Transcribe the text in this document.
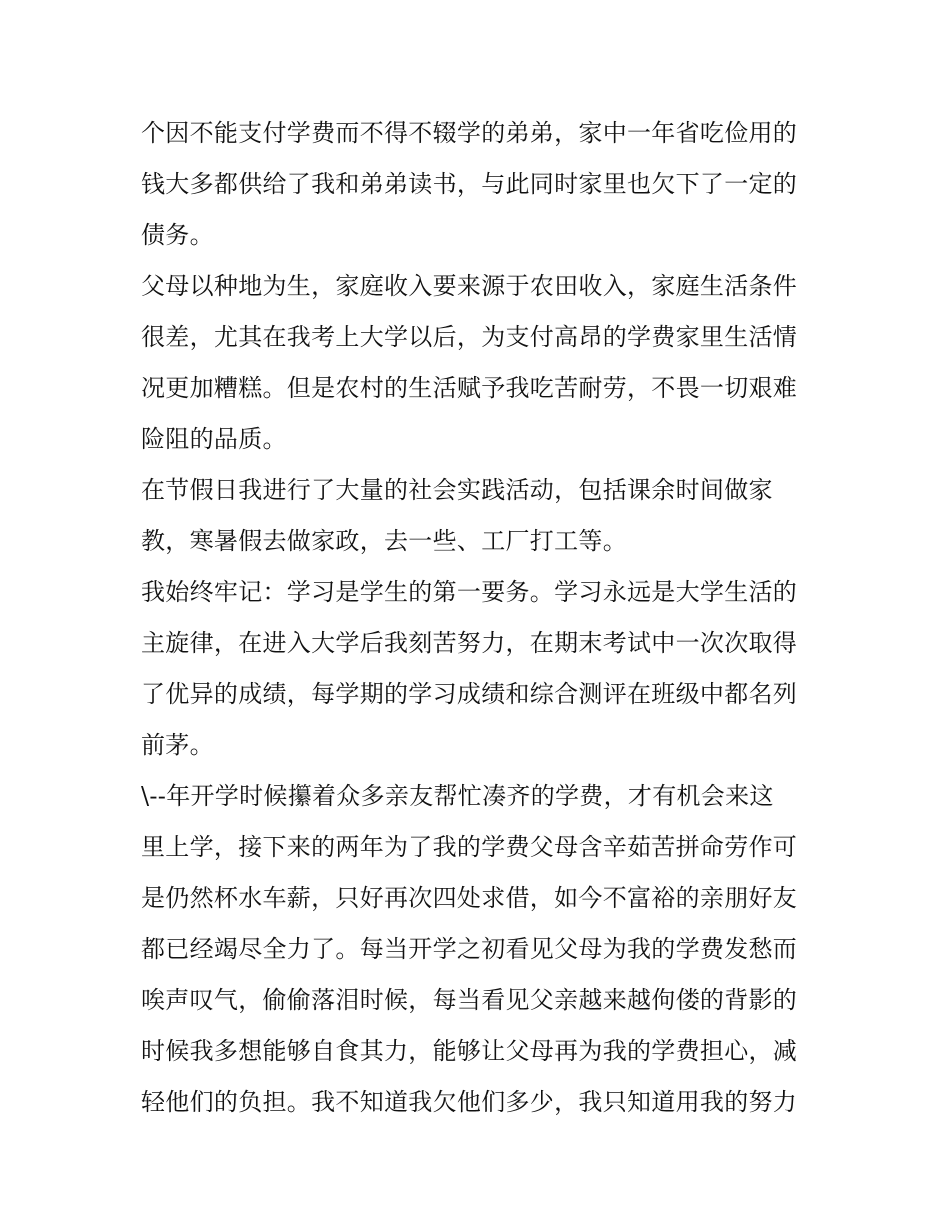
个因不能支付学费而不得不辍学的弟弟，家中一年省吃俭用的
钱大多都供给了我和弟弟读书，与此同时家里也欠下了一定的
债务。
父母以种地为生，家庭收入要来源于农田收入，家庭生活条件
很差，尤其在我考上大学以后，为支付高昂的学费家里生活情
况更加糟糕。但是农村的生活赋予我吃苦耐劳，不畏一切艰难
险阻的品质。
在节假日我进行了大量的社会实践活动，包括课余时间做家
教，寒暑假去做家政，去一些、工厂打工等。
我始终牢记：学习是学生的第一要务。学习永远是大学生活的
主旋律，在进入大学后我刻苦努力，在期末考试中一次次取得
了优异的成绩，每学期的学习成绩和综合测评在班级中都名列
前茅。
\--年开学时候攥着众多亲友帮忙凑齐的学费，才有机会来这
里上学，接下来的两年为了我的学费父母含辛茹苦拼命劳作可
是仍然杯水车薪，只好再次四处求借，如今不富裕的亲朋好友
都已经竭尽全力了。每当开学之初看见父母为我的学费发愁而
唉声叹气，偷偷落泪时候，每当看见父亲越来越佝偻的背影的
时候我多想能够自食其力，能够让父母再为我的学费担心，减
轻他们的负担。我不知道我欠他们多少，我只知道用我的努力
